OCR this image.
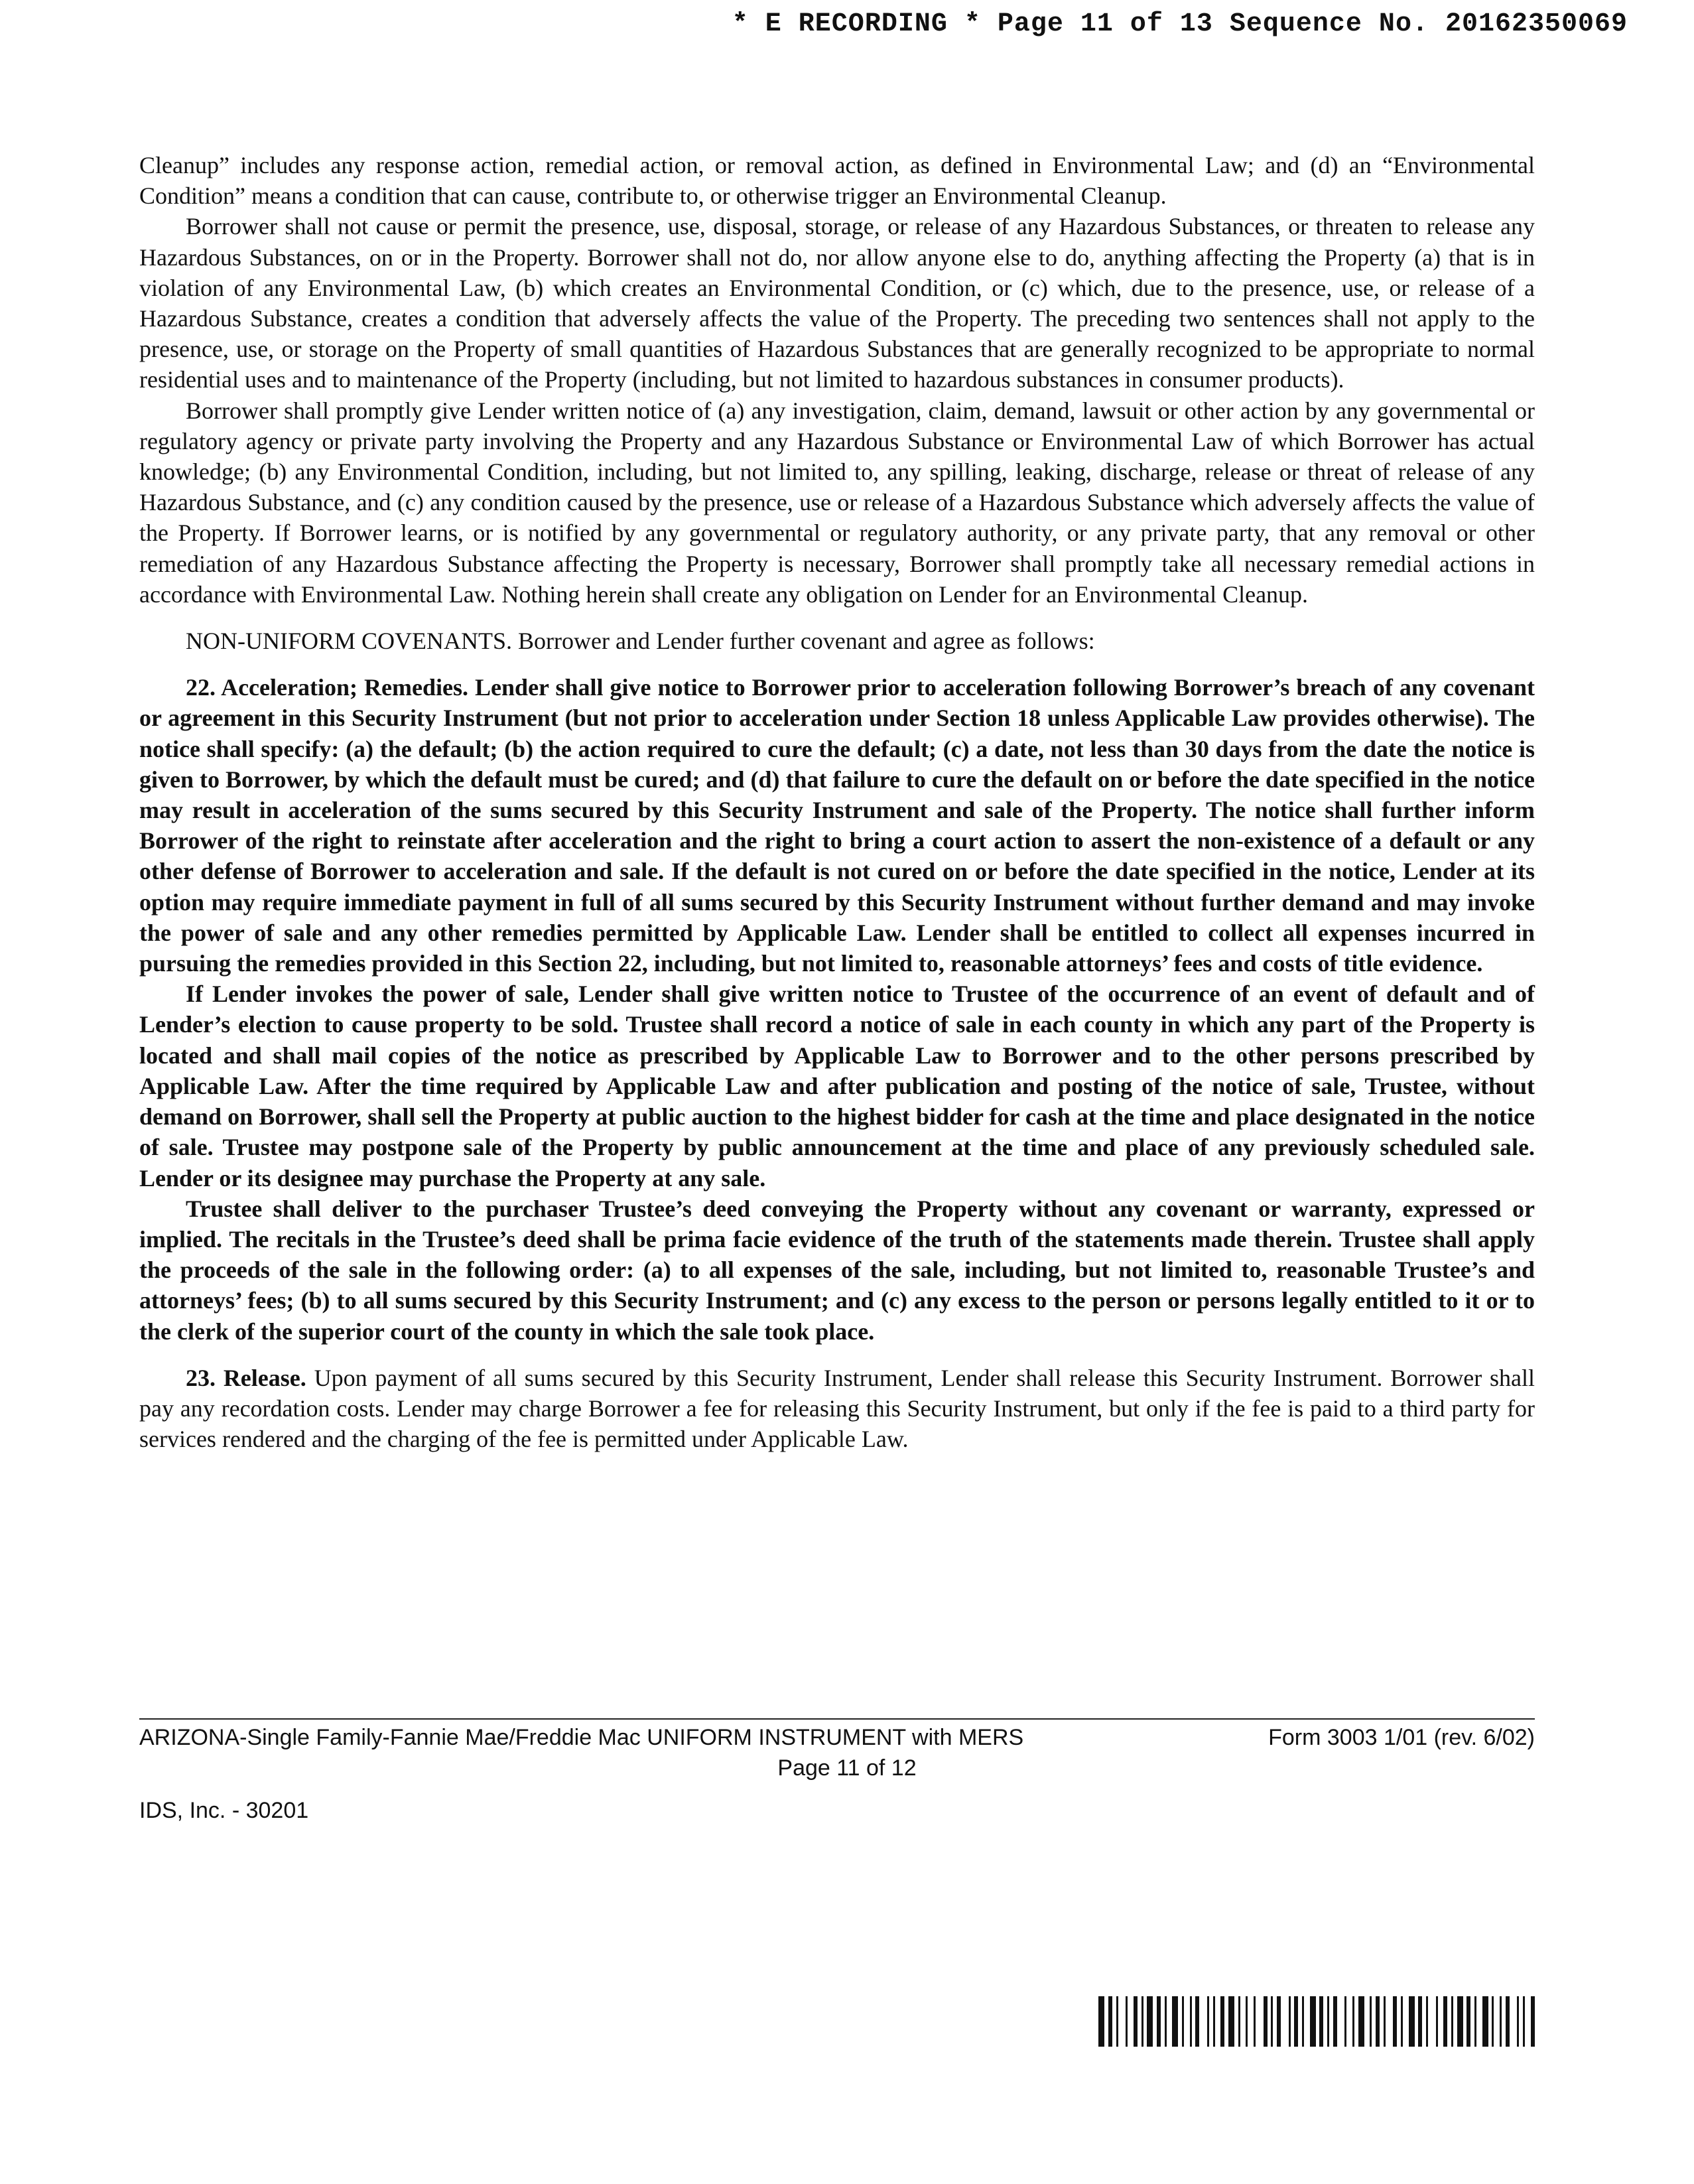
* E RECORDING * Page 11 of 13 Sequence No. 20162350069

Cleanup” includes any response action, remedial action, or removal action, as defined in Environmental Law; and (d) an “Environmental Condition” means a condition that can cause, contribute to, or otherwise trigger an Environmental Cleanup.

Borrower shall not cause or permit the presence, use, disposal, storage, or release of any Hazardous Substances, or threaten to release any Hazardous Substances, on or in the Property. Borrower shall not do, nor allow anyone else to do, anything affecting the Property (a) that is in violation of any Environmental Law, (b) which creates an Environmental Condition, or (c) which, due to the presence, use, or release of a Hazardous Substance, creates a condition that adversely affects the value of the Property. The preceding two sentences shall not apply to the presence, use, or storage on the Property of small quantities of Hazardous Substances that are generally recognized to be appropriate to normal residential uses and to maintenance of the Property (including, but not limited to hazardous substances in consumer products).

Borrower shall promptly give Lender written notice of (a) any investigation, claim, demand, lawsuit or other action by any governmental or regulatory agency or private party involving the Property and any Hazardous Substance or Environmental Law of which Borrower has actual knowledge; (b) any Environmental Condition, including, but not limited to, any spilling, leaking, discharge, release or threat of release of any Hazardous Substance, and (c) any condition caused by the presence, use or release of a Hazardous Substance which adversely affects the value of the Property. If Borrower learns, or is notified by any governmental or regulatory authority, or any private party, that any removal or other remediation of any Hazardous Substance affecting the Property is necessary, Borrower shall promptly take all necessary remedial actions in accordance with Environmental Law. Nothing herein shall create any obligation on Lender for an Environmental Cleanup.

NON-UNIFORM COVENANTS. Borrower and Lender further covenant and agree as follows:

22. Acceleration; Remedies. Lender shall give notice to Borrower prior to acceleration following Borrower’s breach of any covenant or agreement in this Security Instrument (but not prior to acceleration under Section 18 unless Applicable Law provides otherwise). The notice shall specify: (a) the default; (b) the action required to cure the default; (c) a date, not less than 30 days from the date the notice is given to Borrower, by which the default must be cured; and (d) that failure to cure the default on or before the date specified in the notice may result in acceleration of the sums secured by this Security Instrument and sale of the Property. The notice shall further inform Borrower of the right to reinstate after acceleration and the right to bring a court action to assert the non-existence of a default or any other defense of Borrower to acceleration and sale. If the default is not cured on or before the date specified in the notice, Lender at its option may require immediate payment in full of all sums secured by this Security Instrument without further demand and may invoke the power of sale and any other remedies permitted by Applicable Law. Lender shall be entitled to collect all expenses incurred in pursuing the remedies provided in this Section 22, including, but not limited to, reasonable attorneys’ fees and costs of title evidence.

If Lender invokes the power of sale, Lender shall give written notice to Trustee of the occurrence of an event of default and of Lender’s election to cause property to be sold. Trustee shall record a notice of sale in each county in which any part of the Property is located and shall mail copies of the notice as prescribed by Applicable Law to Borrower and to the other persons prescribed by Applicable Law. After the time required by Applicable Law and after publication and posting of the notice of sale, Trustee, without demand on Borrower, shall sell the Property at public auction to the highest bidder for cash at the time and place designated in the notice of sale. Trustee may postpone sale of the Property by public announcement at the time and place of any previously scheduled sale. Lender or its designee may purchase the Property at any sale.

Trustee shall deliver to the purchaser Trustee’s deed conveying the Property without any covenant or warranty, expressed or implied. The recitals in the Trustee’s deed shall be prima facie evidence of the truth of the statements made therein. Trustee shall apply the proceeds of the sale in the following order: (a) to all expenses of the sale, including, but not limited to, reasonable Trustee’s and attorneys’ fees; (b) to all sums secured by this Security Instrument; and (c) any excess to the person or persons legally entitled to it or to the clerk of the superior court of the county in which the sale took place.

23. Release. Upon payment of all sums secured by this Security Instrument, Lender shall release this Security Instrument. Borrower shall pay any recordation costs. Lender may charge Borrower a fee for releasing this Security Instrument, but only if the fee is paid to a third party for services rendered and the charging of the fee is permitted under Applicable Law.

ARIZONA-Single Family-Fannie Mae/Freddie Mac UNIFORM INSTRUMENT with MERS	Form 3003 1/01 (rev. 6/02)
Page 11 of 12
IDS, Inc. - 30201
